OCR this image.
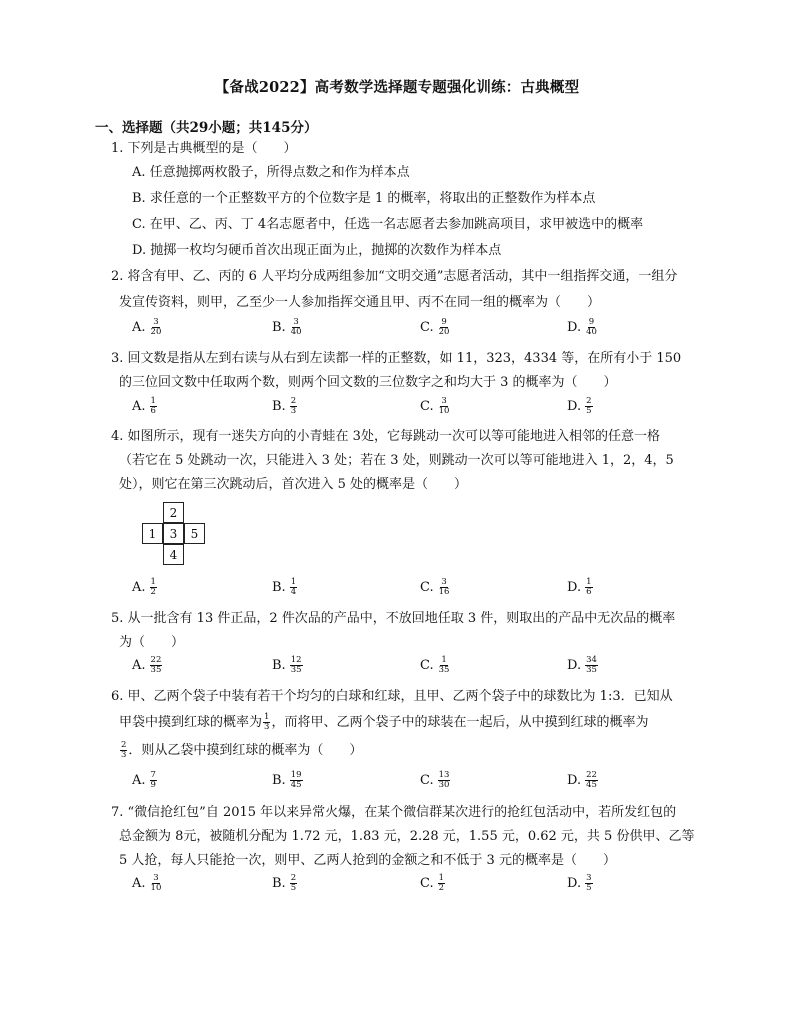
【备战2022】高考数学选择题专题强化训练：古典概型
一、选择题（共29小题；共145分）
1. 下列是古典概型的是（　　）
A. 任意抛掷两枚骰子，所得点数之和作为样本点
B. 求任意的一个正整数平方的个位数字是 1 的概率，将取出的正整数作为样本点
C. 在甲、乙、丙、丁 4名志愿者中，任选一名志愿者去参加跳高项目，求甲被选中的概率
D. 抛掷一枚均匀硬币首次出现正面为止，抛掷的次数作为样本点
2. 将含有甲、乙、丙的 6 人平均分成两组参加“文明交通”志愿者活动，其中一组指挥交通，一组分
发宣传资料，则甲，乙至少一人参加指挥交通且甲、丙不在同一组的概率为（　　）
A. $\frac{3}{20}$	B. $\frac{3}{40}$	C. $\frac{9}{20}$	D. $\frac{9}{40}$
3. 回文数是指从左到右读与从右到左读都一样的正整数，如 11，323，4334 等，在所有小于 150
的三位回文数中任取两个数，则两个回文数的三位数字之和均大于 3 的概率为（　　）
A. $\frac{1}{6}$	B. $\frac{2}{3}$	C. $\frac{3}{10}$	D. $\frac{2}{5}$
4. 如图所示，现有一迷失方向的小青蛙在 3处，它每跳动一次可以等可能地进入相邻的任意一格
（若它在 5 处跳动一次，只能进入 3 处；若在 3 处，则跳动一次可以等可能地进入 1，2，4，5
处），则它在第三次跳动后，首次进入 5 处的概率是（　　）
2
1	3	5
4
A. $\frac{1}{2}$	B. $\frac{1}{4}$	C. $\frac{3}{16}$	D. $\frac{1}{6}$
5. 从一批含有 13 件正品，2 件次品的产品中，不放回地任取 3 件，则取出的产品中无次品的概率
为（　　）
A. $\frac{22}{35}$	B. $\frac{12}{35}$	C. $\frac{1}{35}$	D. $\frac{34}{35}$
6. 甲、乙两个袋子中装有若干个均匀的白球和红球，且甲、乙两个袋子中的球数比为 1:3．已知从
甲袋中摸到红球的概率为 $\frac{1}{3}$ ，而将甲、乙两个袋子中的球装在一起后，从中摸到红球的概率为
$\frac{2}{3}$ ．则从乙袋中摸到红球的概率为（　　）
A. $\frac{7}{9}$	B. $\frac{19}{45}$	C. $\frac{13}{30}$	D. $\frac{22}{45}$
7. “微信抢红包”自 2015 年以来异常火爆，在某个微信群某次进行的抢红包活动中，若所发红包的
总金额为 8元，被随机分配为 1.72 元，1.83 元，2.28 元，1.55 元，0.62 元，共 5 份供甲、乙等
5 人抢，每人只能抢一次，则甲、乙两人抢到的金额之和不低于 3 元的概率是（　　）
A. $\frac{3}{10}$	B. $\frac{2}{5}$	C. $\frac{1}{2}$	D. $\frac{3}{5}$
